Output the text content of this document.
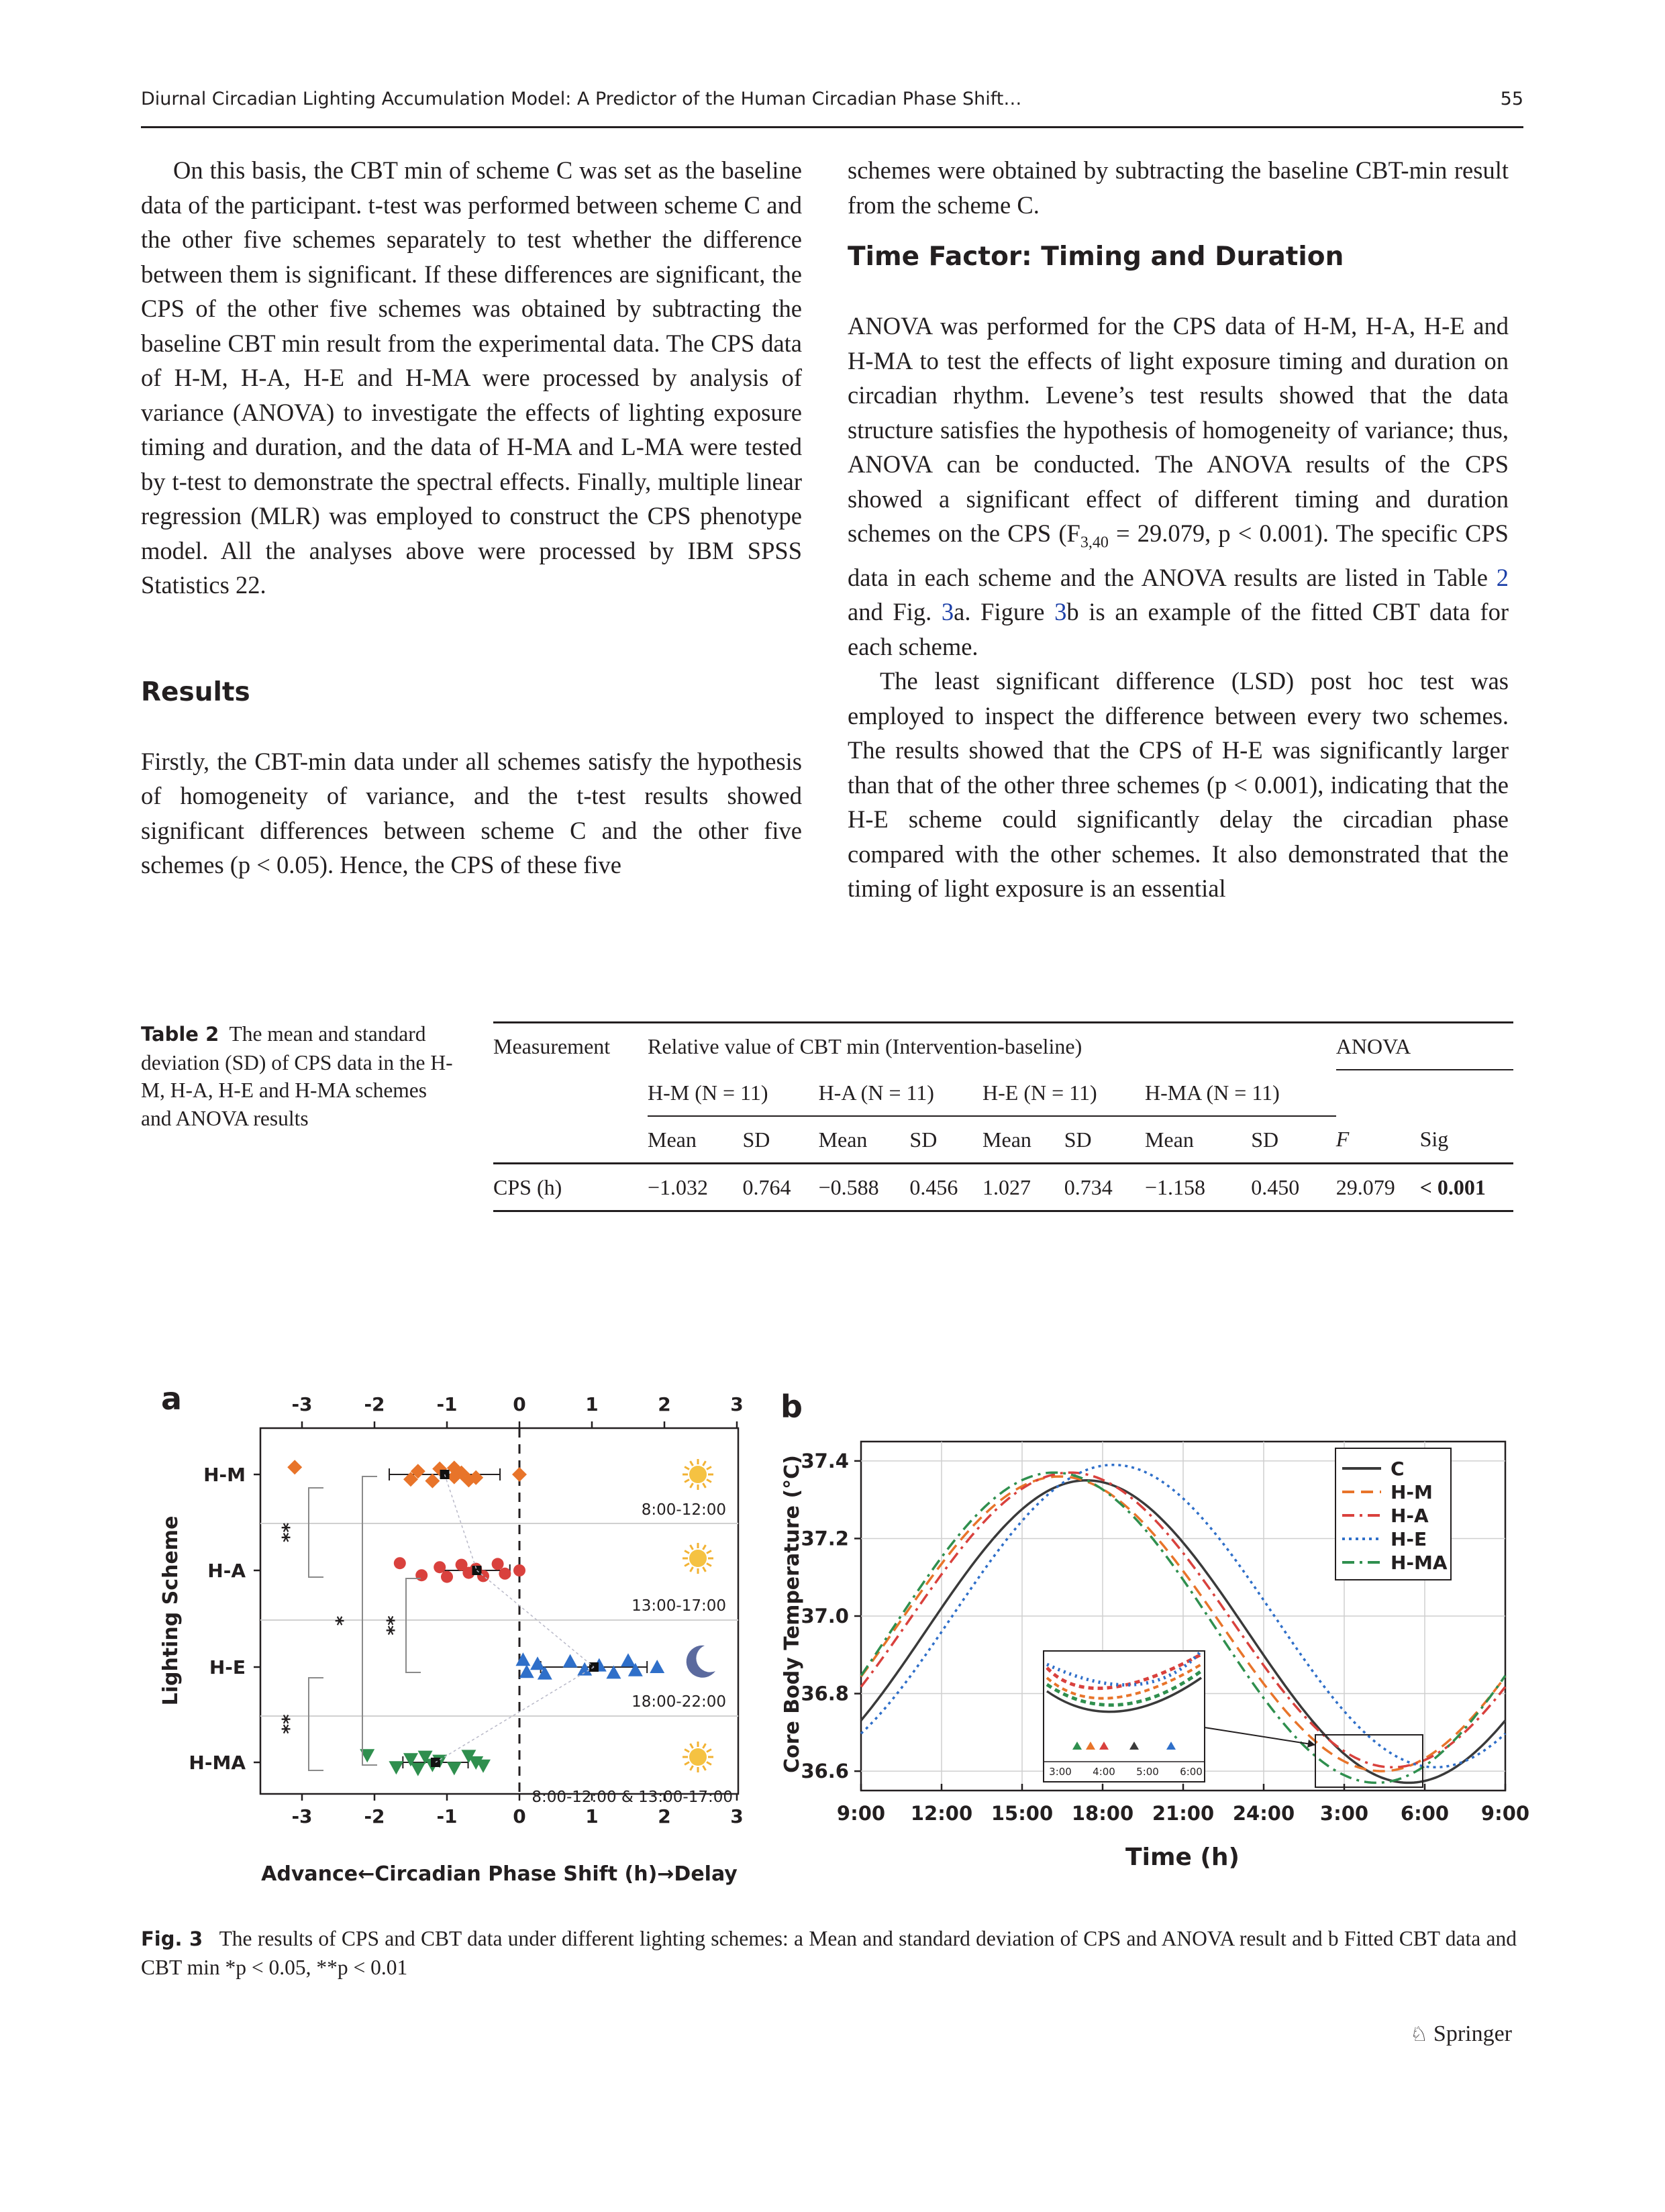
Diurnal Circadian Lighting Accumulation Model: A Predictor of the Human Circadian Phase Shift…	55

On this basis, the CBT min of scheme C was set as the baseline data of the participant. t-test was performed between scheme C and the other five schemes separately to test whether the difference between them is significant. If these differences are significant, the CPS of the other five schemes was obtained by subtracting the baseline CBT min result from the experimental data. The CPS data of H-M, H-A, H-E and H-MA were processed by analysis of variance (ANOVA) to investigate the effects of lighting exposure timing and duration, and the data of H-MA and L-MA were tested by t-test to demonstrate the spectral effects. Finally, multiple linear regression (MLR) was employed to construct the CPS phenotype model. All the analyses above were processed by IBM SPSS Statistics 22.

Results

Firstly, the CBT-min data under all schemes satisfy the hypothesis of homogeneity of variance, and the t-test results showed significant differences between scheme C and the other five schemes (p < 0.05). Hence, the CPS of these five

schemes were obtained by subtracting the baseline CBT-min result from the scheme C.

Time Factor: Timing and Duration

ANOVA was performed for the CPS data of H-M, H-A, H-E and H-MA to test the effects of light exposure timing and duration on circadian rhythm. Levene’s test results showed that the data structure satisfies the hypothesis of homogeneity of variance; thus, ANOVA can be conducted. The ANOVA results of the CPS showed a significant effect of different timing and duration schemes on the CPS ($F_{3,40} = 29.079$, p < 0.001). The specific CPS data in each scheme and the ANOVA results are listed in Table 2 and Fig. 3a. Figure 3b is an example of the fitted CBT data for each scheme.

The least significant difference (LSD) post hoc test was employed to inspect the difference between every two schemes. The results showed that the CPS of H-E was significantly larger than that of the other three schemes (p < 0.001), indicating that the H-E scheme could significantly delay the circadian phase compared with the other schemes. It also demonstrated that the timing of light exposure is an essential

Table 2 The mean and standard deviation (SD) of CPS data in the H-M, H-A, H-E and H-MA schemes and ANOVA results
Measurement	Relative value of CBT min (Intervention-baseline)								ANOVA	
	H-M (N = 11)		H-A (N = 11)		H-E (N = 11)		H-MA (N = 11)			
	Mean	SD	Mean	SD	Mean	SD	Mean	SD	F	Sig
CPS (h)	−1.032	0.764	−0.588	0.456	1.027	0.734	−1.158	0.450	29.079	< 0.001
a	b
-3
-3
-2
-2
-1
-1
0
0
1
1
2
2
3
3
H-M
H-A
H-E
H-MA
8:00-12:00
13:00-17:00
18:00-22:00
8:00-12:00 & 13:00-17:00
**
**
*
**
Advance←Circadian Phase Shift (h)→Delay
Lighting Scheme
9:00 12:00 15:00 18:00 21:00 24:00 3:00 6:00 9:00
36.6
36.8
37.0
37.2
37.4	C
H-M
H-A
H-E
H-MA
3:00 4:00 5:00 6:00
Time (h)
Core Body Temperature (°C)
Fig. 3 The results of CPS and CBT data under different lighting schemes: a Mean and standard deviation of CPS and ANOVA result and b Fitted CBT data and CBT min *p < 0.05, **p < 0.01
♘ Springer
